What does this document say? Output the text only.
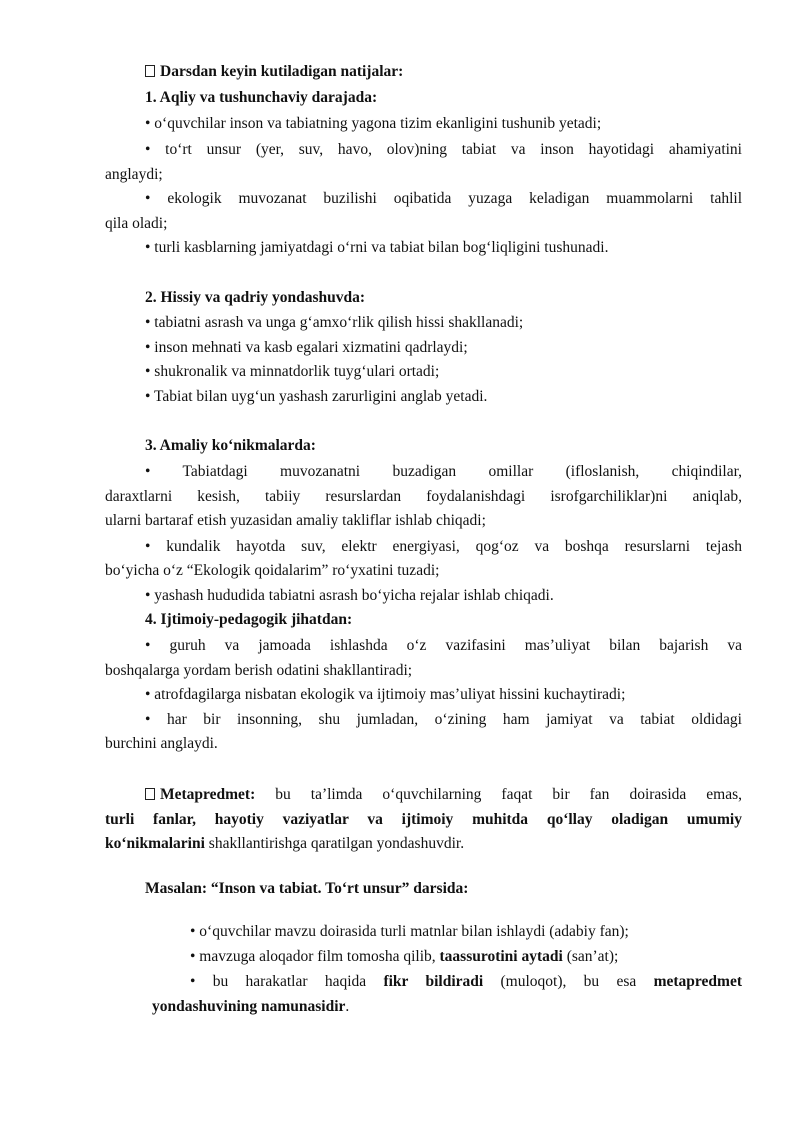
Darsdan keyin kutiladigan natijalar:
1. Aqliy va tushunchaviy darajada:
• o‘quvchilar inson va tabiatning yagona tizim ekanligini tushunib yetadi;
• to‘rt unsur (yer, suv, havo, olov)ning tabiat va inson hayotidagi ahamiyatini
anglaydi;
• ekologik muvozanat buzilishi oqibatida yuzaga keladigan muammolarni tahlil
qila oladi;
• turli kasblarning jamiyatdagi o‘rni va tabiat bilan bog‘liqligini tushunadi.
2. Hissiy va qadriy yondashuvda:
• tabiatni asrash va unga g‘amxo‘rlik qilish hissi shakllanadi;
• inson mehnati va kasb egalari xizmatini qadrlaydi;
• shukronalik va minnatdorlik tuyg‘ulari ortadi;
• Tabiat bilan uyg‘un yashash zarurligini anglab yetadi.
3. Amaliy ko‘nikmalarda:
• Tabiatdagi muvozanatni buzadigan omillar (ifloslanish, chiqindilar,
daraxtlarni kesish, tabiiy resurslardan foydalanishdagi isrofgarchiliklar)ni aniqlab,
ularni bartaraf etish yuzasidan amaliy takliflar ishlab chiqadi;
• kundalik hayotda suv, elektr energiyasi, qog‘oz va boshqa resurslarni tejash
bo‘yicha o‘z “Ekologik qoidalarim” ro‘yxatini tuzadi;
• yashash hududida tabiatni asrash bo‘yicha rejalar ishlab chiqadi.
4. Ijtimoiy-pedagogik jihatdan:
• guruh va jamoada ishlashda o‘z vazifasini mas’uliyat bilan bajarish va
boshqalarga yordam berish odatini shakllantiradi;
• atrofdagilarga nisbatan ekologik va ijtimoiy mas’uliyat hissini kuchaytiradi;
• har bir insonning, shu jumladan, o‘zining ham jamiyat va tabiat oldidagi
burchini anglaydi.
Metapredmet: bu ta’limda o‘quvchilarning faqat bir fan doirasida emas,
turli fanlar, hayotiy vaziyatlar va ijtimoiy muhitda qo‘llay oladigan umumiy
ko‘nikmalarini shakllantirishga qaratilgan yondashuvdir.
Masalan: “Inson va tabiat. To‘rt unsur” darsida:
• o‘quvchilar mavzu doirasida turli matnlar bilan ishlaydi (adabiy fan);
• mavzuga aloqador film tomosha qilib, taassurotini aytadi (san’at);
• bu harakatlar haqida fikr bildiradi (muloqot), bu esa metapredmet
yondashuvining namunasidir.
